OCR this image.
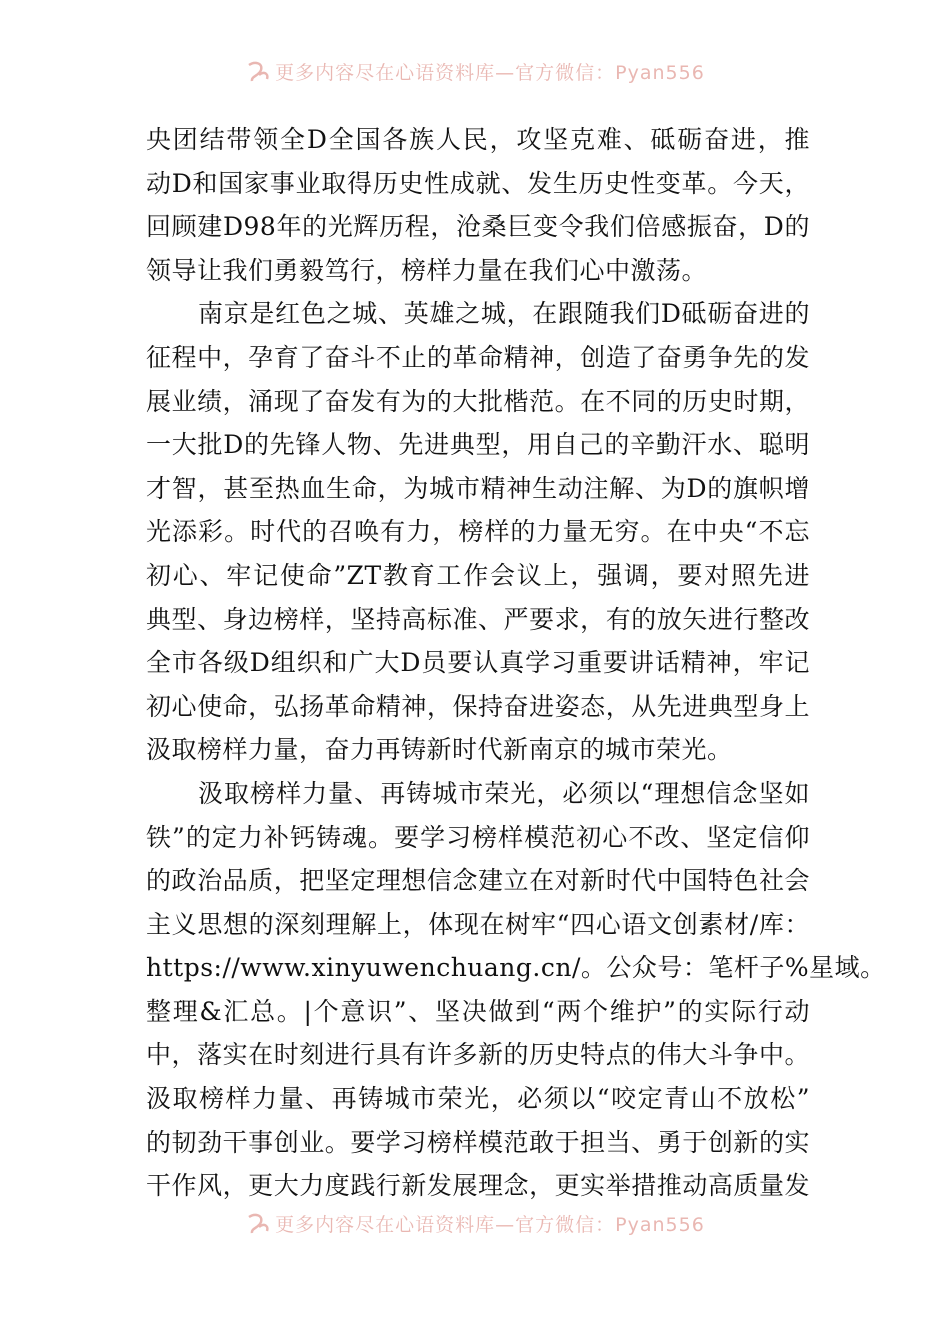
更多内容尽在心语资料库—官方微信：Pyan556
央团结带领全D全国各族人民，攻坚克难、砥砺奋进，推
动D和国家事业取得历史性成就、发生历史性变革。今天，
回顾建D98年的光辉历程，沧桑巨变令我们倍感振奋，D的
领导让我们勇毅笃行，榜样力量在我们心中激荡。
南京是红色之城、英雄之城，在跟随我们D砥砺奋进的
征程中，孕育了奋斗不止的革命精神，创造了奋勇争先的发
展业绩，涌现了奋发有为的大批楷范。在不同的历史时期，
一大批D的先锋人物、先进典型，用自己的辛勤汗水、聪明
才智，甚至热血生命，为城市精神生动注解、为D的旗帜增
光添彩。时代的召唤有力，榜样的力量无穷。在中央“不忘
初心、牢记使命”ZT教育工作会议上，强调，要对照先进
典型、身边榜样，坚持高标准、严要求，有的放矢进行整改
全市各级D组织和广大D员要认真学习重要讲话精神，牢记
初心使命，弘扬革命精神，保持奋进姿态，从先进典型身上
汲取榜样力量，奋力再铸新时代新南京的城市荣光。
汲取榜样力量、再铸城市荣光，必须以“理想信念坚如
铁”的定力补钙铸魂。要学习榜样模范初心不改、坚定信仰
的政治品质，把坚定理想信念建立在对新时代中国特色社会
主义思想的深刻理解上，体现在树牢“四心语文创素材/库：
https://www.xinyuwenchuang.cn/。公众号：笔杆子%星域。
整理&汇总。|个意识”、坚决做到“两个维护”的实际行动
中，落实在时刻进行具有许多新的历史特点的伟大斗争中。
汲取榜样力量、再铸城市荣光，必须以“咬定青山不放松”
的韧劲干事创业。要学习榜样模范敢于担当、勇于创新的实
干作风，更大力度践行新发展理念，更实举措推动高质量发
更多内容尽在心语资料库—官方微信：Pyan556
